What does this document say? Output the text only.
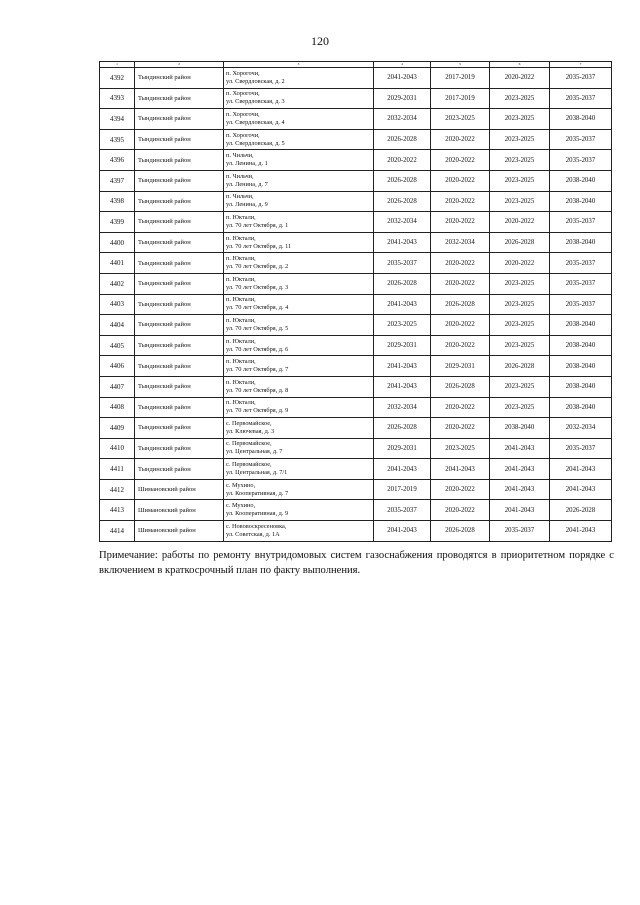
120
1	2	3	4	5	6	7
4392	Тындинский район	п. Хорогочи,
ул. Свердловская, д. 2	2041-2043	2017-2019	2020-2022	2035-2037
4393	Тындинский район	п. Хорогочи,
ул. Свердловская, д. 3	2029-2031	2017-2019	2023-2025	2035-2037
4394	Тындинский район	п. Хорогочи,
ул. Свердловская, д. 4	2032-2034	2023-2025	2023-2025	2038-2040
4395	Тындинский район	п. Хорогочи,
ул. Свердловская, д. 5	2026-2028	2020-2022	2023-2025	2035-2037
4396	Тындинский район	п. Чильчи,
ул. Ленина, д. 1	2020-2022	2020-2022	2023-2025	2035-2037
4397	Тындинский район	п. Чильчи,
ул. Ленина, д. 7	2026-2028	2020-2022	2023-2025	2038-2040
4398	Тындинский район	п. Чильчи,
ул. Ленина, д. 9	2026-2028	2020-2022	2023-2025	2038-2040
4399	Тындинский район	п. Юктали,
ул. 70 лет Октября, д. 1	2032-2034	2020-2022	2020-2022	2035-2037
4400	Тындинский район	п. Юктали,
ул. 70 лет Октября, д. 11	2041-2043	2032-2034	2026-2028	2038-2040
4401	Тындинский район	п. Юктали,
ул. 70 лет Октября, д. 2	2035-2037	2020-2022	2020-2022	2035-2037
4402	Тындинский район	п. Юктали,
ул. 70 лет Октября, д. 3	2026-2028	2020-2022	2023-2025	2035-2037
4403	Тындинский район	п. Юктали,
ул. 70 лет Октября, д. 4	2041-2043	2026-2028	2023-2025	2035-2037
4404	Тындинский район	п. Юктали,
ул. 70 лет Октября, д. 5	2023-2025	2020-2022	2023-2025	2038-2040
4405	Тындинский район	п. Юктали,
ул. 70 лет Октября, д. 6	2029-2031	2020-2022	2023-2025	2038-2040
4406	Тындинский район	п. Юктали,
ул. 70 лет Октября, д. 7	2041-2043	2029-2031	2026-2028	2038-2040
4407	Тындинский район	п. Юктали,
ул. 70 лет Октября, д. 8	2041-2043	2026-2028	2023-2025	2038-2040
4408	Тындинский район	п. Юктали,
ул. 70 лет Октября, д. 9	2032-2034	2020-2022	2023-2025	2038-2040
4409	Тындинский район	с. Первомайское,
ул. Ключевая, д. 3	2026-2028	2020-2022	2038-2040	2032-2034
4410	Тындинский район	с. Первомайское,
ул. Центральная, д. 7	2029-2031	2023-2025	2041-2043	2035-2037
4411	Тындинский район	с. Первомайское,
ул. Центральная, д. 7/1	2041-2043	2041-2043	2041-2043	2041-2043
4412	Шимановский район	с. Мухино,
ул. Кооперативная, д. 7	2017-2019	2020-2022	2041-2043	2041-2043
4413	Шимановский район	с. Мухино,
ул. Кооперативная, д. 9	2035-2037	2020-2022	2041-2043	2026-2028
4414	Шимановский район	с. Нововоскресеновка,
ул. Советская, д. 1А	2041-2043	2026-2028	2035-2037	2041-2043
Примечание: работы по ремонту внутридомовых систем газоснабжения проводятся в приоритетном порядке с включением в краткосрочный план по факту выполнения.
